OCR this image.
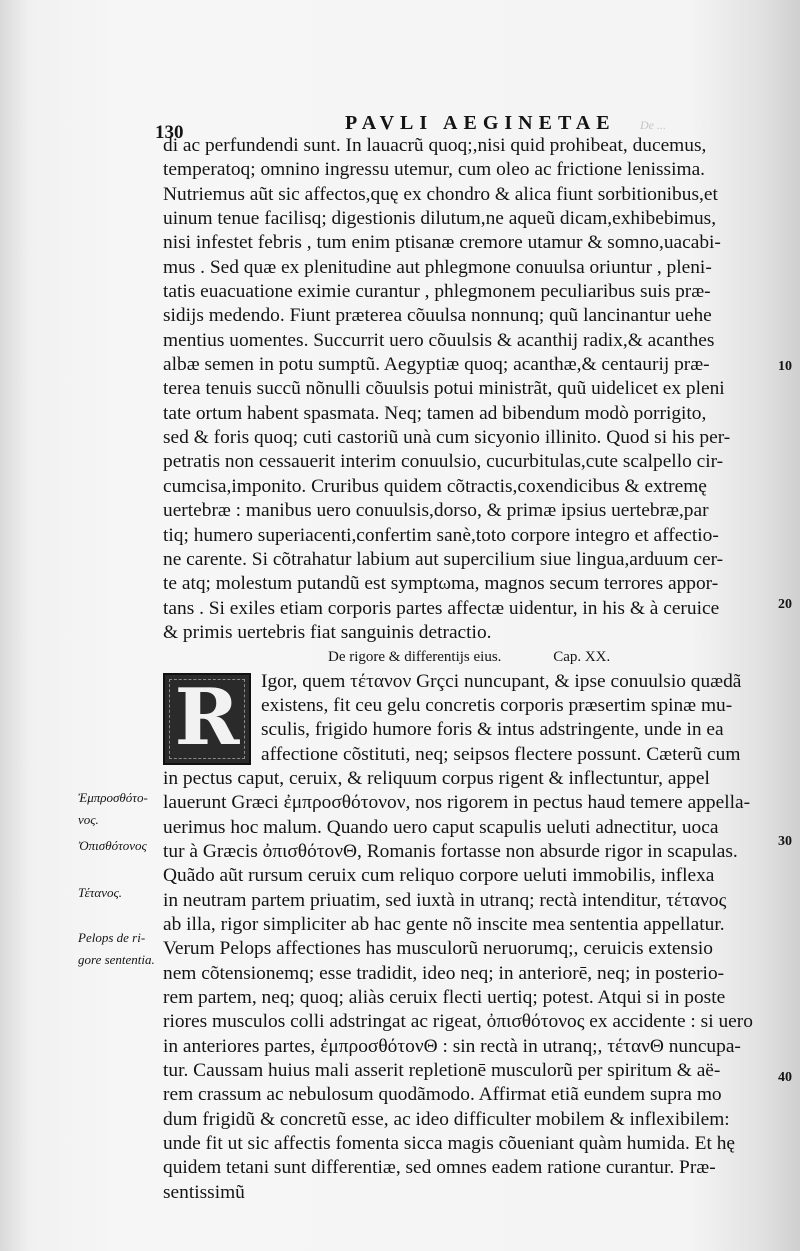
De ...
130	PAVLI AEGINETAE
di ac perfundendi sunt. In lauacrũ quoq;,nisi quid prohibeat, ducemus,
temperatoq; omnino ingressu utemur, cum oleo ac frictione lenissima.
Nutriemus aũt sic affectos,quę ex chondro & alica fiunt sorbitionibus,et
uinum tenue facilisq; digestionis dilutum,ne aqueũ dicam,exhibebimus,
nisi infestet febris , tum enim ptisanæ cremore utamur & somno,uacabi-
mus . Sed quæ ex plenitudine aut phlegmone conuulsa oriuntur , pleni-
tatis euacuatione eximie curantur , phlegmonem peculiaribus suis præ-
sidijs medendo. Fiunt præterea cõuulsa nonnunq; quũ lancinantur uehe
mentius uomentes. Succurrit uero cõuulsis & acanthij radix,& acanthes
albæ semen in potu sumptũ. Aegyptiæ quoq; acanthæ,& centaurij præ-
terea tenuis succũ nõnulli cõuulsis potui ministrãt, quũ uidelicet ex pleni
tate ortum habent spasmata. Neq; tamen ad bibendum modò porrigito,
sed & foris quoq; cuti castoriũ unà cum sicyonio illinito. Quod si his per-
petratis non cessauerit interim conuulsio, cucurbitulas,cute scalpello cir-
cumcisa,imponito. Cruribus quidem cõtractis,coxendicibus & extremę
uertebræ : manibus uero conuulsis,dorso, & primæ ipsius uertebræ,par
tiq; humero superiacenti,confertim sanè,toto corpore integro et affectio-
ne carente. Si cõtrahatur labium aut supercilium siue lingua,arduum cer-
te atq; molestum putandũ est symptωma, magnos secum terrores appor-
tans . Si exiles etiam corporis partes affectæ uidentur, in his & à ceruice
& primis uertebris fiat sanguinis detractio.
De rigore & differentijs eius.	Cap. XX.
R	Igor, quem τέτανον Grçci nuncupant, & ipse conuulsio quædã
existens, fit ceu gelu concretis corporis præsertim spinæ mu-
sculis, frigido humore foris & intus adstringente, unde in ea
affectione cõstituti, neq; seipsos flectere possunt. Cæterũ cum
in pectus caput, ceruix, & reliquum corpus rigent & inflectuntur, appel
lauerunt Græci ἐμπροσθότονον, nos rigorem in pectus haud temere appella-
uerimus hoc malum. Quando uero caput scapulis ueluti adnectitur, uoca
tur à Græcis ὀπισθότονΘ, Romanis fortasse non absurde rigor in scapulas.
Quãdo aũt rursum ceruix cum reliquo corpore ueluti immobilis, inflexa
in neutram partem priuatim, sed iuxtà in utranq; rectà intenditur, τέτανος
ab illa, rigor simpliciter ab hac gente nõ inscite mea sententia appellatur.
Verum Pelops affectiones has musculorũ neruorumq;, ceruicis extensio
nem cõtensionemq; esse tradidit, ideo neq; in anteriorē, neq; in posterio-
rem partem, neq; quoq; aliàs ceruix flecti uertiq; potest. Atqui si in poste
riores musculos colli adstringat ac rigeat, ὀπισθότονος ex accidente : si uero
in anteriores partes, ἐμπροσθότονΘ : sin rectà in utranq;, τέτανΘ nuncupa-
tur. Caussam huius mali asserit repletionē musculorũ per spiritum & aë-
rem crassum ac nebulosum quodãmodo. Affirmat etiã eundem supra mo
dum frigidũ & concretũ esse, ac ideo difficulter mobilem & inflexibilem:
unde fit ut sic affectis fomenta sicca magis cõueniant quàm humida. Et hę
quidem tetani sunt differentiæ, sed omnes eadem ratione curantur. Præ-
sentissimũ
10
20
30
40
Ἐμπροσθότο-
νος.
Ὀπισθότονος
Τέτανος.
Pelops de ri-
gore sententia.
